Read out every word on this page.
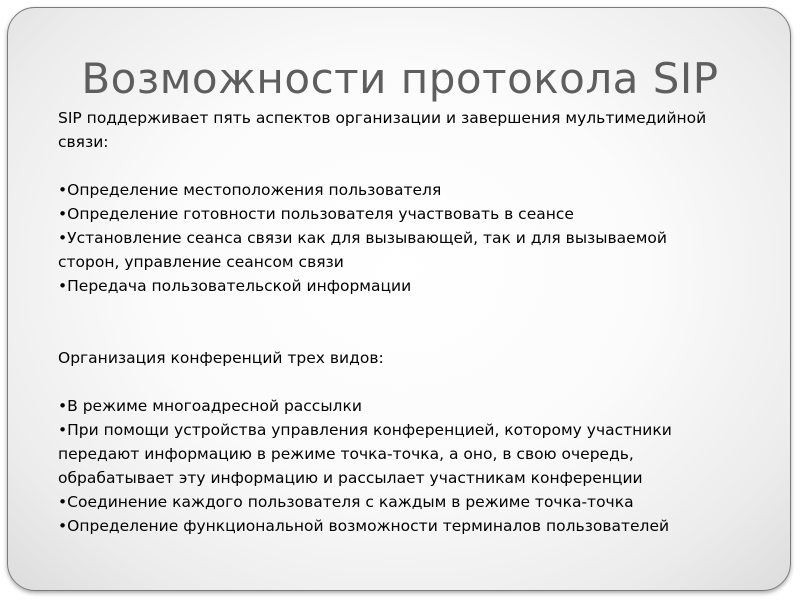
Возможности протокола SIP
SIP поддерживает пять аспектов организации и завершения мультимедийной
связи:
•Определение местоположения пользователя
•Определение готовности пользователя участвовать в сеансе
•Установление сеанса связи как для вызывающей, так и для вызываемой
сторон, управление сеансом связи
•Передача пользовательской информации
Организация конференций трех видов:
•В режиме многоадресной рассылки
•При помощи устройства управления конференцией, которому участники
передают информацию в режиме точка-точка, а оно, в свою очередь,
обрабатывает эту информацию и рассылает участникам конференции
•Соединение каждого пользователя с каждым в режиме точка-точка
•Определение функциональной возможности терминалов пользователей
